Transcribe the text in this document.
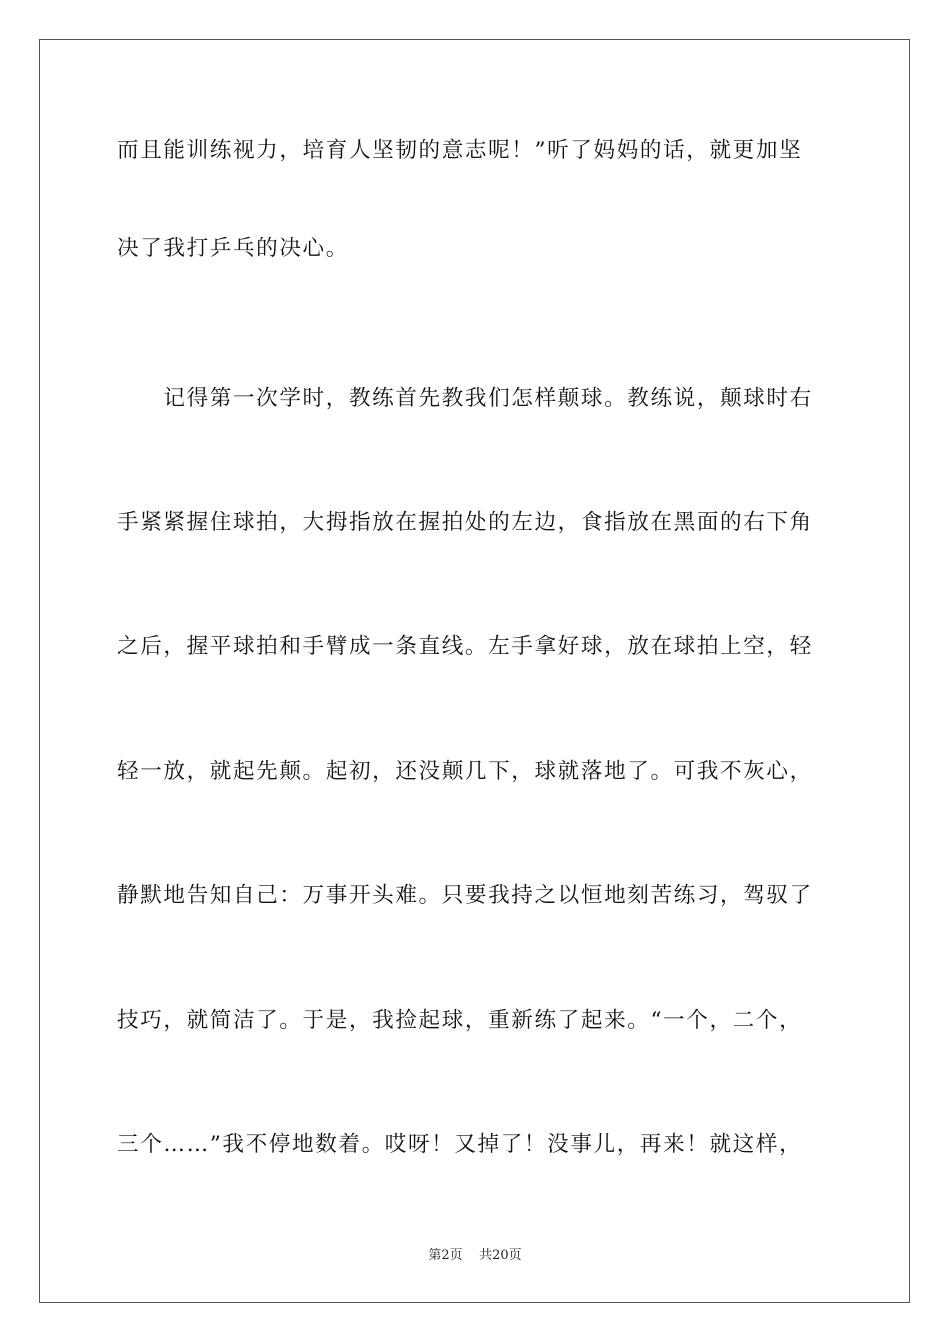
而且能训练视力，培育人坚韧的意志呢！”听了妈妈的话，就更加坚
决了我打乒乓的决心。
　　记得第一次学时，教练首先教我们怎样颠球。教练说，颠球时右
手紧紧握住球拍，大拇指放在握拍处的左边，食指放在黑面的右下角
之后，握平球拍和手臂成一条直线。左手拿好球，放在球拍上空，轻
轻一放，就起先颠。起初，还没颠几下，球就落地了。可我不灰心，
静默地告知自己：万事开头难。只要我持之以恒地刻苦练习，驾驭了
技巧，就简洁了。于是，我捡起球，重新练了起来。“一个，二个，
三个……”我不停地数着。哎呀！又掉了！没事儿，再来！就这样，
第2页 共20页
